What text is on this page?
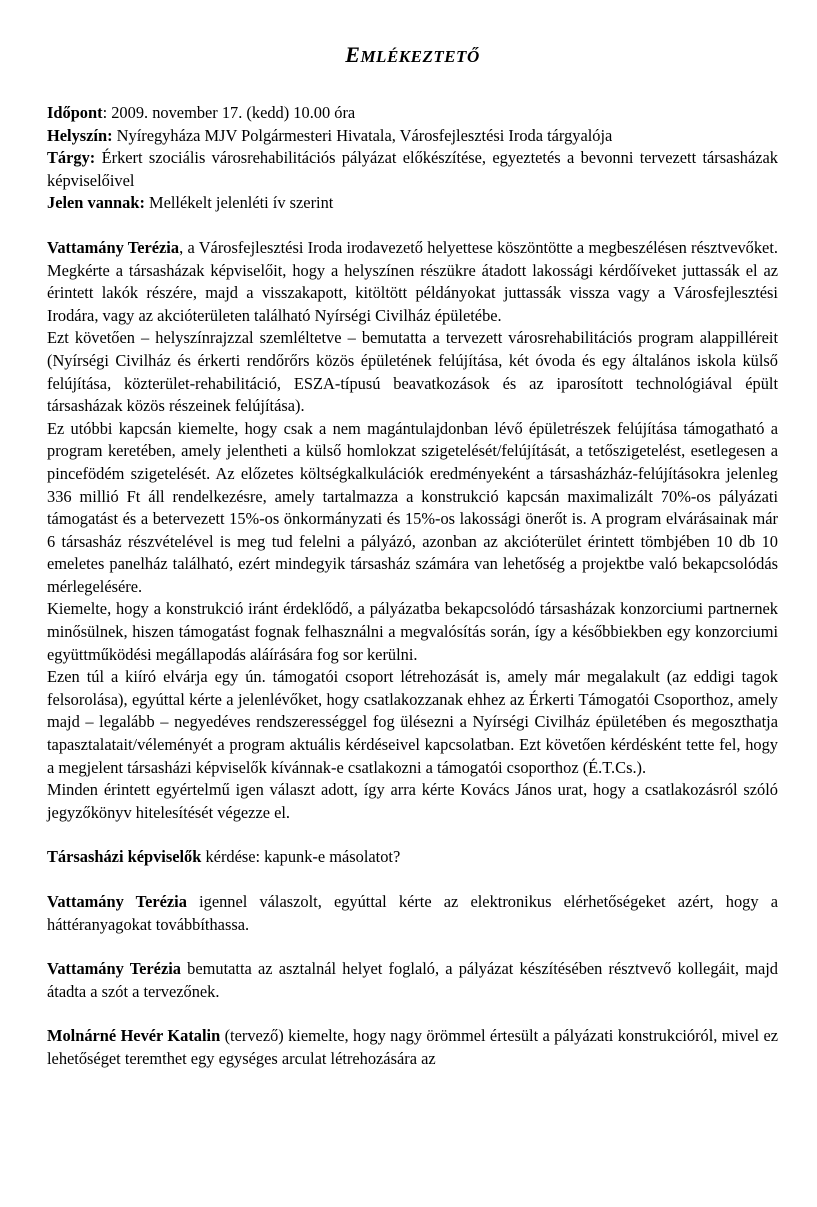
EMLÉKEZTETŐ

Időpont: 2009. november 17. (kedd) 10.00 óra

Helyszín: Nyíregyháza MJV Polgármesteri Hivatala, Városfejlesztési Iroda tárgyalója

Tárgy: Érkert szociális városrehabilitációs pályázat előkészítése, egyeztetés a bevonni tervezett társasházak képviselőivel

Jelen vannak: Mellékelt jelenléti ív szerint

Vattamány Terézia, a Városfejlesztési Iroda irodavezető helyettese köszöntötte a megbeszélésen résztvevőket. Megkérte a társasházak képviselőit, hogy a helyszínen részükre átadott lakossági kérdőíveket juttassák el az érintett lakók részére, majd a visszakapott, kitöltött példányokat juttassák vissza vagy a Városfejlesztési Irodára, vagy az akcióterületen található Nyírségi Civilház épületébe.

Ezt követően – helyszínrajzzal szemléltetve – bemutatta a tervezett városrehabilitációs program alappilléreit (Nyírségi Civilház és érkerti rendőrőrs közös épületének felújítása, két óvoda és egy általános iskola külső felújítása, közterület-rehabilitáció, ESZA-típusú beavatkozások és az iparosított technológiával épült társasházak közös részeinek felújítása).

Ez utóbbi kapcsán kiemelte, hogy csak a nem magántulajdonban lévő épületrészek felújítása támogatható a program keretében, amely jelentheti a külső homlokzat szigetelését/felújítását, a tetőszigetelést, esetlegesen a pincefödém szigetelését. Az előzetes költségkalkulációk eredményeként a társasházház-felújításokra jelenleg 336 millió Ft áll rendelkezésre, amely tartalmazza a konstrukció kapcsán maximalizált 70%-os pályázati támogatást és a betervezett 15%-os önkormányzati és 15%-os lakossági önerőt is. A program elvárásainak már 6 társasház részvételével is meg tud felelni a pályázó, azonban az akcióterület érintett tömbjében 10 db 10 emeletes panelház található, ezért mindegyik társasház számára van lehetőség a projektbe való bekapcsolódás mérlegelésére.

Kiemelte, hogy a konstrukció iránt érdeklődő, a pályázatba bekapcsolódó társasházak konzorciumi partnernek minősülnek, hiszen támogatást fognak felhasználni a megvalósítás során, így a későbbiekben egy konzorciumi együttműködési megállapodás aláírására fog sor kerülni.

Ezen túl a kiíró elvárja egy ún. támogatói csoport létrehozását is, amely már megalakult (az eddigi tagok felsorolása), egyúttal kérte a jelenlévőket, hogy csatlakozzanak ehhez az Érkerti Támogatói Csoporthoz, amely majd – legalább – negyedéves rendszerességgel fog ülésezni a Nyírségi Civilház épületében és megoszthatja tapasztalatait/véleményét a program aktuális kérdéseivel kapcsolatban. Ezt követően kérdésként tette fel, hogy a megjelent társasházi képviselők kívánnak-e csatlakozni a támogatói csoporthoz (É.T.Cs.).

Minden érintett egyértelmű igen választ adott, így arra kérte Kovács János urat, hogy a csatlakozásról szóló jegyzőkönyv hitelesítését végezze el.

Társasházi képviselők kérdése: kapunk-e másolatot?

Vattamány Terézia igennel válaszolt, egyúttal kérte az elektronikus elérhetőségeket azért, hogy a háttéranyagokat továbbíthassa.

Vattamány Terézia bemutatta az asztalnál helyet foglaló, a pályázat készítésében résztvevő kollegáit, majd átadta a szót a tervezőnek.

Molnárné Hevér Katalin (tervező) kiemelte, hogy nagy örömmel értesült a pályázati konstrukcióról, mivel ez lehetőséget teremthet egy egységes arculat létrehozására az
